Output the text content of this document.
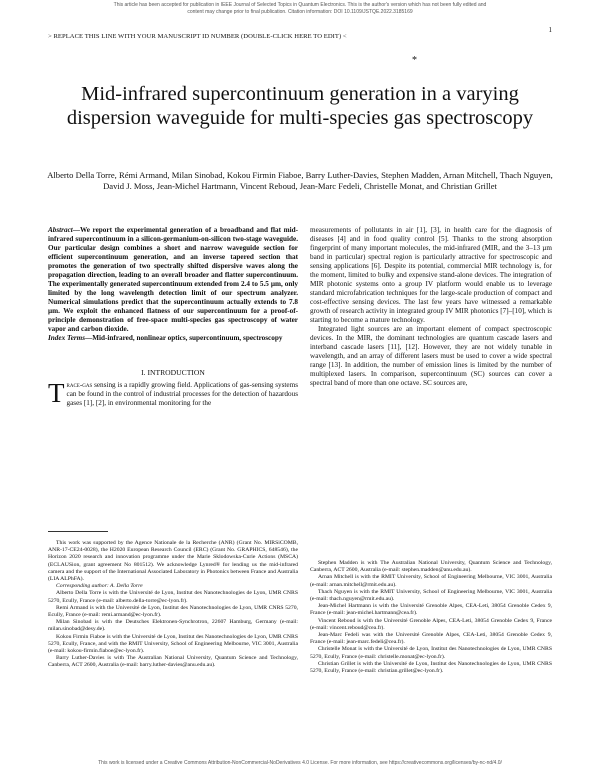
This article has been accepted for publication in IEEE Journal of Selected Topics in Quantum Electronics. This is the author's version which has not been fully edited and
content may change prior to final publication. Citation information: DOI 10.1109/JSTQE.2022.3185169
1
> REPLACE THIS LINE WITH YOUR MANUSCRIPT ID NUMBER (DOUBLE-CLICK HERE TO EDIT) <
*
Mid-infrared supercontinuum generation in a varying dispersion waveguide for multi-species gas spectroscopy
Alberto Della Torre, Rémi Armand, Milan Sinobad, Kokou Firmin Fiaboe, Barry Luther-Davies, Stephen Madden, Arnan Mitchell, Thach Nguyen, David J. Moss, Jean-Michel Hartmann, Vincent Reboud, Jean-Marc Fedeli, Christelle Monat, and Christian Grillet
Abstract—We report the experimental generation of a broadband and flat mid-infrared supercontinuum in a silicon-germanium-on-silicon two-stage waveguide. Our particular design combines a short and narrow waveguide section for efficient supercontinuum generation, and an inverse tapered section that promotes the generation of two spectrally shifted dispersive waves along the propagation direction, leading to an overall broader and flatter supercontinuum. The experimentally generated supercontinuum extended from 2.4 to 5.5 µm, only limited by the long wavelength detection limit of our spectrum analyzer. Numerical simulations predict that the supercontinuum actually extends to 7.8 µm. We exploit the enhanced flatness of our supercontinuum for a proof-of-principle demonstration of free-space multi-species gas spectroscopy of water vapor and carbon dioxide.
Index Terms—Mid-infrared, nonlinear optics, supercontinuum, spectroscopy
I. INTRODUCTION
Trace-gas sensing is a rapidly growing field. Applications of gas-sensing systems can be found in the control of industrial processes for the detection of hazardous gases [1], [2], in environmental monitoring for the

measurements of pollutants in air [1], [3], in health care for the diagnosis of diseases [4] and in food quality control [5]. Thanks to the strong absorption fingerprint of many important molecules, the mid-infrared (MIR, and the 3–13 µm band in particular) spectral region is particularly attractive for spectroscopic and sensing applications [6]. Despite its potential, commercial MIR technology is, for the moment, limited to bulky and expensive stand-alone devices. The integration of MIR photonic systems onto a group IV platform would enable us to leverage standard microfabrication techniques for the large-scale production of compact and cost-effective sensing devices. The last few years have witnessed a remarkable growth of research activity in integrated group IV MIR photonics [7]–[10], which is starting to become a mature technology.

Integrated light sources are an important element of compact spectroscopic devices. In the MIR, the dominant technologies are quantum cascade lasers and interband cascade lasers [11], [12]. However, they are not widely tunable in wavelength, and an array of different lasers must be used to cover a wide spectral range [13]. In addition, the number of emission lines is limited by the number of multiplexed lasers. In comparison, supercontinuum (SC) sources can cover a spectral band of more than one octave. SC sources are,

This work was supported by the Agence Nationale de la Recherche (ANR) (Grant No. MIRSiCOMB, ANR-17-CE24-0028), the H2020 European Research Council (ERC) (Grant No. GRAPHICS, 648546), the Horizon 2020 research and innovation programme under the Marie Sklodowska-Curie Actions (MSCA) (ECLAUSion, grant agreement No 801512). We acknowledge Lynred® for lending us the mid-infrared camera and the support of the International Associated Laboratory in Photonics between France and Australia (LIA ALPhFA).

Corresponding author: A. Della Torre

Alberto Della Torre is with the Université de Lyon, Institut des Nanotechnologies de Lyon, UMR CNRS 5270, Ecully, France (e-mail: alberto.della-torre@ec-lyon.fr).

Remi Armand is with the Université de Lyon, Institut des Nanotechnologies de Lyon, UMR CNRS 5270, Ecully, France (e-mail: remi.armand@ec-lyon.fr).

Milan Sinobad is with the Deutsches Elektronen-Synchrotron, 22607 Hamburg, Germany (e-mail: milan.sinobad@desy.de).

Kokou Firmin Fiaboe is with the Université de Lyon, Institut des Nanotechnologies de Lyon, UMR CNRS 5270, Ecully, France, and with the RMIT University, School of Engineering Melbourne, VIC 3001, Australia (e-mail: kokou-firmin.fiaboe@ec-lyon.fr).

Barry Luther-Davies is with The Australian National University, Quantum Science and Technology, Canberra, ACT 2600, Australia (e-mail: barry.luther-davies@anu.edu.au).

Stephen Madden is with The Australian National University, Quantum Science and Technology, Canberra, ACT 2600, Australia (e-mail: stephen.madden@anu.edu.au).

Arnan Mitchell is with the RMIT University, School of Engineering Melbourne, VIC 3001, Australia (e-mail: arnan.mitchell@rmit.edu.au).

Thach Nguyen is with the RMIT University, School of Engineering Melbourne, VIC 3001, Australia (e-mail: thach.nguyen@rmit.edu.au).

Jean-Michel Hartmann is with the Université Grenoble Alpes, CEA-Leti, 38054 Grenoble Cedex 9, France (e-mail: jean-michel.hartmann@cea.fr).

Vincent Reboud is with the Université Grenoble Alpes, CEA-Leti, 38054 Grenoble Cedex 9, France (e-mail: vincent.reboud@cea.fr).

Jean-Marc Fedeli was with the Université Grenoble Alpes, CEA-Leti, 38054 Grenoble Cedex 9, France (e-mail: jean-marc.fedeli@cea.fr).

Christelle Monat is with the Université de Lyon, Institut des Nanotechnologies de Lyon, UMR CNRS 5270, Ecully, France (e-mail: christelle.monat@ec-lyon.fr).

Christian Grillet is with the Université de Lyon, Institut des Nanotechnologies de Lyon, UMR CNRS 5270, Ecully, France (e-mail: christian.grillet@ec-lyon.fr).

This work is licensed under a Creative Commons Attribution-NonCommercial-NoDerivatives 4.0 License. For more information, see https://creativecommons.org/licenses/by-nc-nd/4.0/
